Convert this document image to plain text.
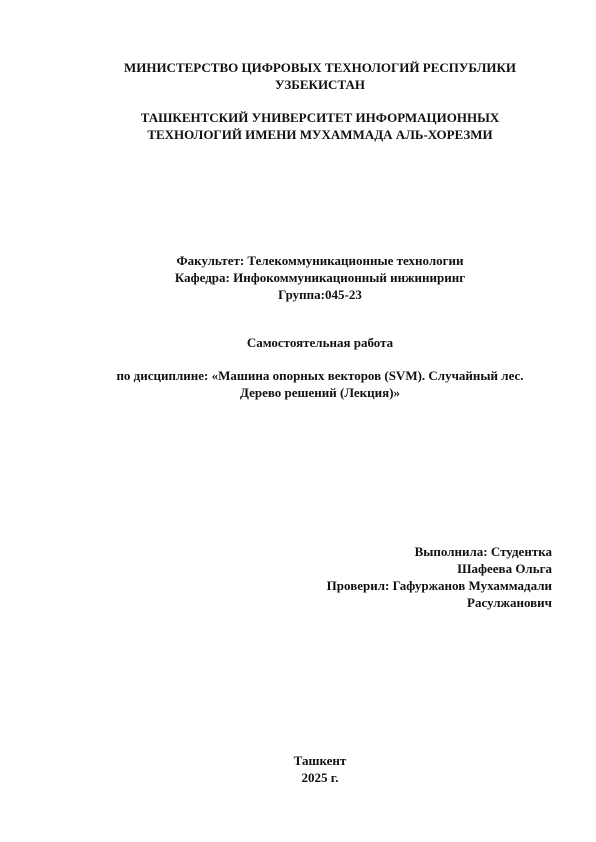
МИНИСТЕРСТВО ЦИФРОВЫХ ТЕХНОЛОГИЙ РЕСПУБЛИКИ
УЗБЕКИСТАН
ТАШКЕНТСКИЙ УНИВЕРСИТЕТ ИНФОРМАЦИОННЫХ
ТЕХНОЛОГИЙ ИМЕНИ МУХАММАДА АЛЬ-ХОРЕЗМИ
Факультет: Телекоммуникационные технологии
Кафедра: Инфокоммуникационный инжиниринг
Группа:045-23
Самостоятельная работа
по дисциплине: «Машина опорных векторов (SVM). Случайный лес.
Дерево решений (Лекция)»
Выполнила: Студентка
Шафеева Ольга
Проверил: Гафуржанов Мухаммадали
Расулжанович
Ташкент
2025 г.
